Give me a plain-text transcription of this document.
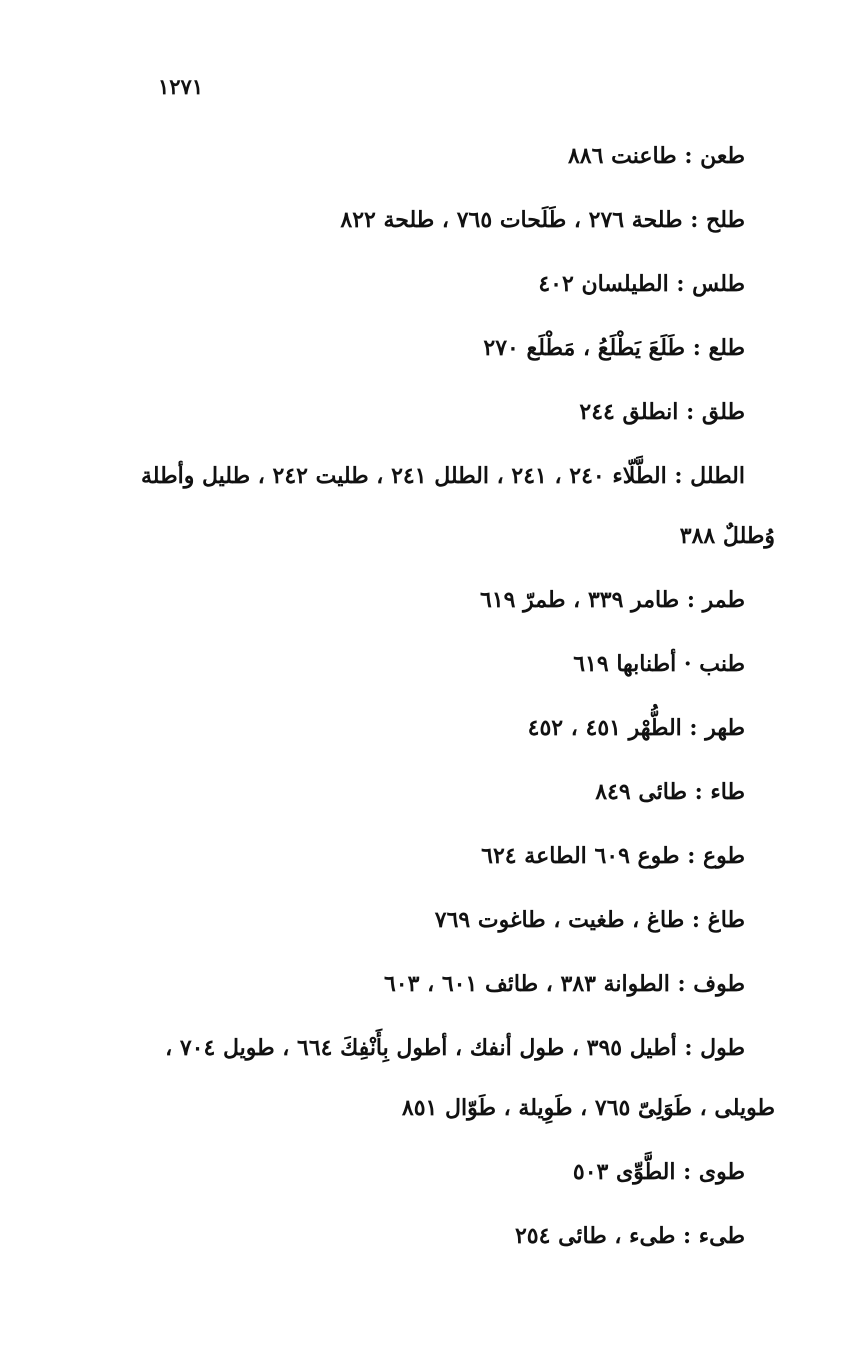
١٢٧١
طعن : طاعنت ٨٨٦
طلح : طلحة ٢٧٦ ، طَلَحات ٧٦٥ ، طلحة ٨٢٢
طلس : الطيلسان ٤٠٢
طلع : طَلَعَ يَطْلَعُ ، مَطْلَع ٢٧٠
طلق : انطلق ٢٤٤
الطلل : الطَّلّاء ٢٤٠ ، ٢٤١ ، الطلل ٢٤١ ، طليت ٢٤٢ ، طليل وأطلة
وُطللٌ ٣٨٨
طمر : طامر ٣٣٩ ، طمرّ ٦١٩
طنب · أطنابها ٦١٩
طهر : الطُّهْر ٤٥١ ، ٤٥٢
طاء : طائى ٨٤٩
طوع : طوع ٦٠٩ الطاعة ٦٢٤
طاغ : طاغ ، طغيت ، طاغوت ٧٦٩
طوف : الطوانة ٣٨٣ ، طائف ٦٠١ ، ٦٠٣
طول : أطيل ٣٩٥ ، طول أنفك ، أطول بِأَنْفِكَ ٦٦٤ ، طويل ٧٠٤ ،
طويلى ، طَوَلِىّ ٧٦٥ ، طَوِيلة ، طَوّال ٨٥١
طوى : الطَّوِّى ٥٠٣
طىء : طىء ، طائى ٢٥٤
